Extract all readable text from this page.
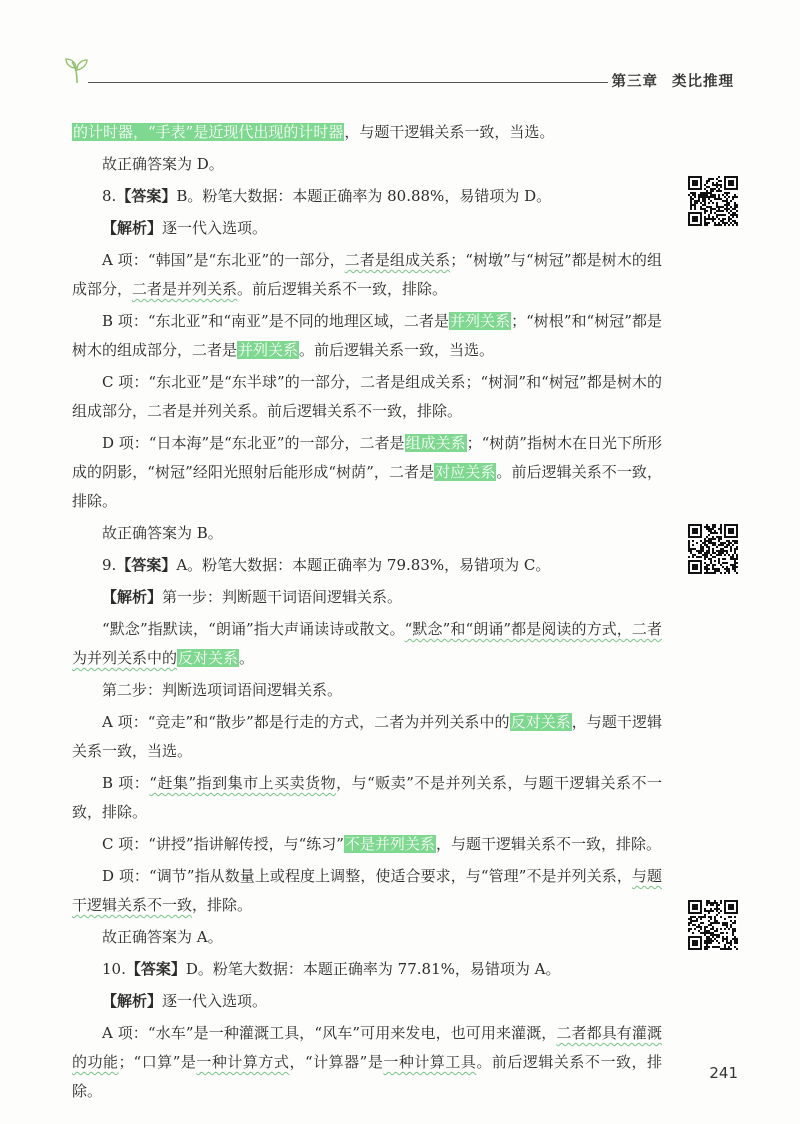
第三章 类比推理

的计时器，“手表”是近现代出现的计时器，与题干逻辑关系一致，当选。

故正确答案为 D。

8.【答案】B。粉笔大数据：本题正确率为 80.88%，易错项为 D。

【解析】逐一代入选项。

A 项：“韩国”是“东北亚”的一部分，二者是组成关系；“树墩”与“树冠”都是树木的组成部分，二者是并列关系。前后逻辑关系不一致，排除。

B 项：“东北亚”和“南亚”是不同的地理区域，二者是并列关系；“树根”和“树冠”都是树木的组成部分，二者是并列关系。前后逻辑关系一致，当选。

C 项：“东北亚”是“东半球”的一部分，二者是组成关系；“树洞”和“树冠”都是树木的组成部分，二者是并列关系。前后逻辑关系不一致，排除。

D 项：“日本海”是“东北亚”的一部分，二者是组成关系；“树荫”指树木在日光下所形成的阴影，“树冠”经阳光照射后能形成“树荫”，二者是对应关系。前后逻辑关系不一致，排除。

故正确答案为 B。

9.【答案】A。粉笔大数据：本题正确率为 79.83%，易错项为 C。

【解析】第一步：判断题干词语间逻辑关系。

“默念”指默读，“朗诵”指大声诵读诗或散文。“默念”和“朗诵”都是阅读的方式，二者为并列关系中的反对关系。

第二步：判断选项词语间逻辑关系。

A 项：“竞走”和“散步”都是行走的方式，二者为并列关系中的反对关系，与题干逻辑关系一致，当选。

B 项：“赶集”指到集市上买卖货物，与“贩卖”不是并列关系，与题干逻辑关系不一致，排除。

C 项：“讲授”指讲解传授，与“练习”不是并列关系，与题干逻辑关系不一致，排除。

D 项：“调节”指从数量上或程度上调整，使适合要求，与“管理”不是并列关系，与题干逻辑关系不一致，排除。

故正确答案为 A。

10.【答案】D。粉笔大数据：本题正确率为 77.81%，易错项为 A。

【解析】逐一代入选项。

A 项：“水车”是一种灌溉工具，“风车”可用来发电，也可用来灌溉，二者都具有灌溉的功能；“口算”是一种计算方式，“计算器”是一种计算工具。前后逻辑关系不一致，排除。

241
